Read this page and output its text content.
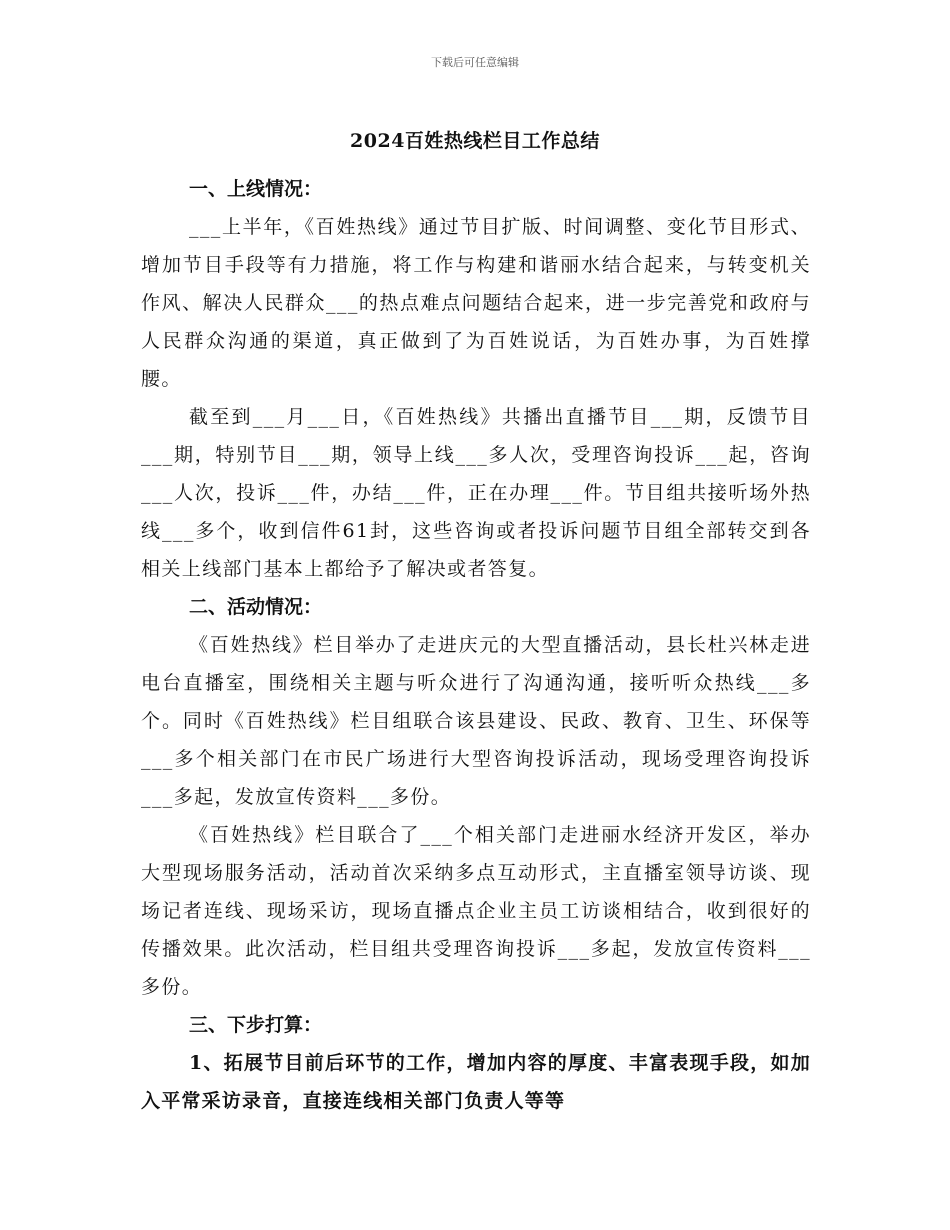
下载后可任意编辑
2024百姓热线栏目工作总结

一、上线情况：

___上半年，《百姓热线》通过节目扩版、时间调整、变化节目形式、增加节目手段等有力措施，将工作与构建和谐丽水结合起来，与转变机关作风、解决人民群众___的热点难点问题结合起来，进一步完善党和政府与人民群众沟通的渠道，真正做到了为百姓说话，为百姓办事，为百姓撑腰。

截至到___月___日，《百姓热线》共播出直播节目___期，反馈节目___期，特别节目___期，领导上线___多人次，受理咨询投诉___起，咨询___人次，投诉___件，办结___件，正在办理___件。节目组共接听场外热线___多个，收到信件61封，这些咨询或者投诉问题节目组全部转交到各相关上线部门基本上都给予了解决或者答复。

二、活动情况：

《百姓热线》栏目举办了走进庆元的大型直播活动，县长杜兴林走进电台直播室，围绕相关主题与听众进行了沟通沟通，接听听众热线___多个。同时《百姓热线》栏目组联合该县建设、民政、教育、卫生、环保等___多个相关部门在市民广场进行大型咨询投诉活动，现场受理咨询投诉___多起，发放宣传资料___多份。

《百姓热线》栏目联合了___个相关部门走进丽水经济开发区，举办大型现场服务活动，活动首次采纳多点互动形式，主直播室领导访谈、现场记者连线、现场采访，现场直播点企业主员工访谈相结合，收到很好的传播效果。此次活动，栏目组共受理咨询投诉___多起，发放宣传资料___多份。

三、下步打算：

1、拓展节目前后环节的工作，增加内容的厚度、丰富表现手段，如加入平常采访录音，直接连线相关部门负责人等等
